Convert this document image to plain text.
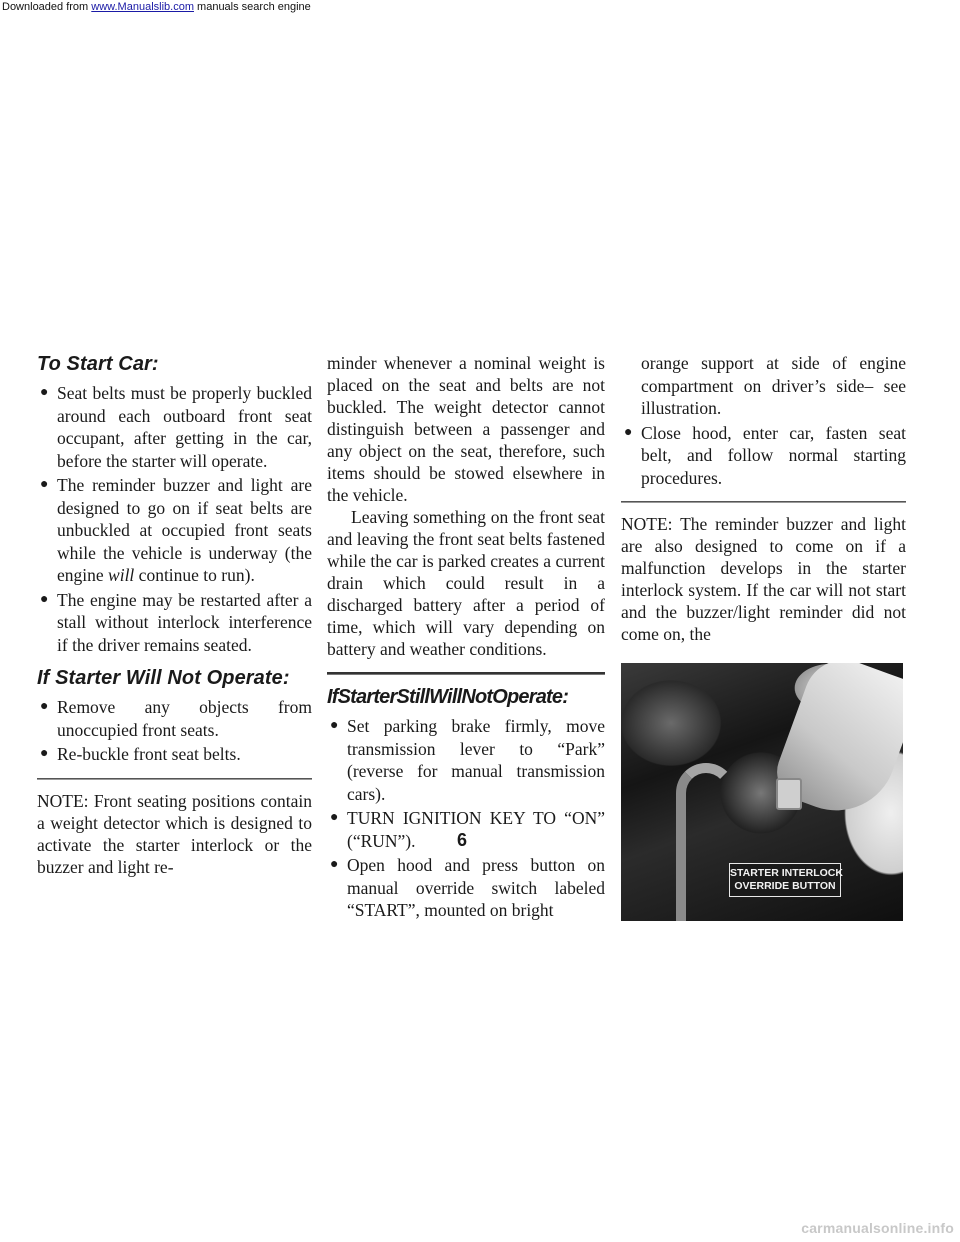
Downloaded from www.Manualslib.com manuals search engine
To Start Car:
● Seat belts must be properly buckled around each outboard front seat occupant, after getting in the car, before the starter will operate.
● The reminder buzzer and light are designed to go on if seat belts are unbuckled at occupied front seats while the vehicle is underway (the engine will continue to run).
● The engine may be restarted after a stall without interlock interference if the driver remains seated.
If Starter Will Not Operate:
● Remove any objects from unoccupied front seats.
● Re-buckle front seat belts.

NOTE: Front seating positions contain a weight detector which is designed to activate the starter interlock or the buzzer and light re-

minder whenever a nominal weight is placed on the seat and belts are not buckled. The weight detector cannot distinguish between a passenger and any object on the seat, therefore, such items should be stowed elsewhere in the vehicle.

Leaving something on the front seat and leaving the front seat belts fastened while the car is parked creates a current drain which could result in a discharged battery after a period of time, which will vary depending on battery and weather conditions.

IfStarterStillWillNotOperate:
● Set parking brake firmly, move transmission lever to “Park” (reverse for manual transmission cars).
● TURN IGNITION KEY TO “ON” (“RUN”).
● Open hood and press button on manual override switch labeled “START”, mounted on bright
orange support at side of engine compartment on driver’s side– see illustration.
● Close hood, enter car, fasten seat belt, and follow normal starting procedures.

NOTE: The reminder buzzer and light are also designed to come on if a malfunction develops in the starter interlock system. If the car will not start and the buzzer/light reminder did not come on, the

STARTER INTERLOCK
OVERRIDE BUTTON
6
carmanualsonline.info
